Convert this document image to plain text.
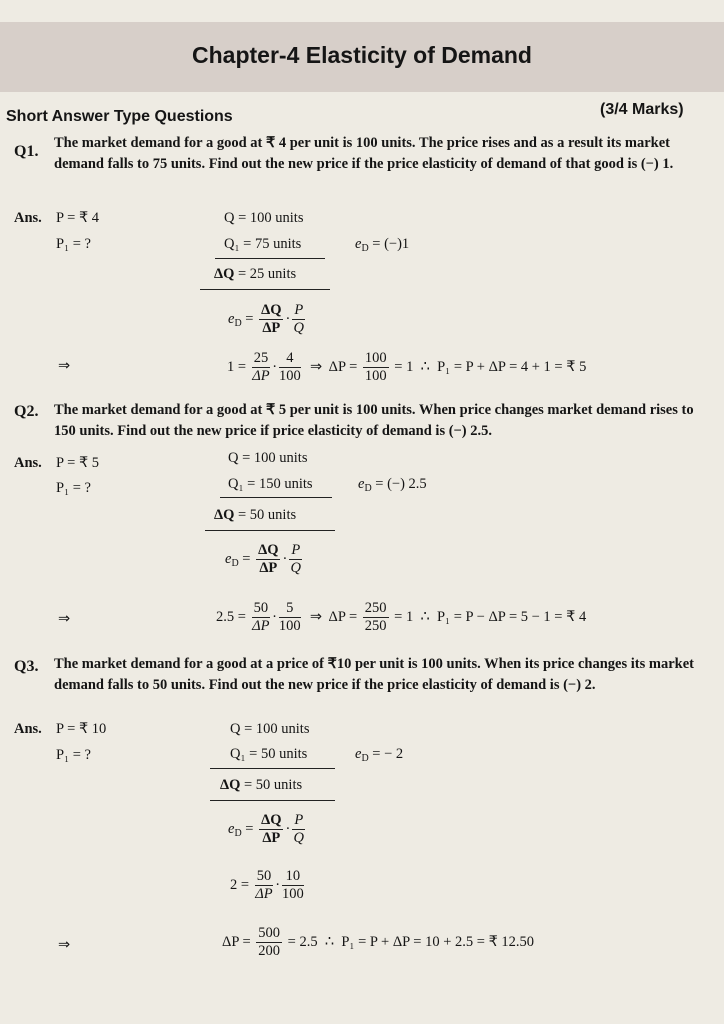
Chapter-4 Elasticity of Demand
Short Answer Type Questions	(3/4 Marks)
Q1. The market demand for a good at ₹ 4 per unit is 100 units. The price rises and as a result its market demand falls to 75 units. Find out the new price if the price elasticity of demand of that good is (−) 1.
Ans. P = ₹ 4
P₁ = ?
Q = 100 units
Q₁ = 75 units	$e_D = (-)1$
ΔQ = 25 units
$e_D = \frac{\Delta Q}{\Delta P} \cdot \frac{P}{Q}$
⇒	$1 = \frac{25}{\Delta P} \cdot \frac{4}{100}$ ⇒ $\Delta P = \frac{100}{100} = 1$ ∴ P₁ = P + ΔP = 4 + 1 = ₹ 5
Q2. The market demand for a good at ₹ 5 per unit is 100 units. When price changes market demand rises to 150 units. Find out the new price if price elasticity of demand is (−) 2.5.
Ans. P = ₹ 5
P₁ = ?
Q = 100 units
Q₁ = 150 units	$e_D$ = (−) 2.5
ΔQ = 50 units
$e_D = \frac{\Delta Q}{\Delta P} \cdot \frac{P}{Q}$
⇒	$2.5 = \frac{50}{\Delta P} \cdot \frac{5}{100}$ ⇒ $\Delta P = \frac{250}{250} = 1$ ∴ P₁ = P − ΔP = 5 − 1 = ₹ 4
Q3. The market demand for a good at a price of ₹10 per unit is 100 units. When its price changes its market demand falls to 50 units. Find out the new price if the price elasticity of demand is (−) 2.
Ans. P = ₹ 10
P₁ = ?
Q = 100 units
Q₁ = 50 units	$e_D$ = − 2
ΔQ = 50 units
$e_D = \frac{\Delta Q}{\Delta P} \cdot \frac{P}{Q}$
$2 = \frac{50}{\Delta P} \cdot \frac{10}{100}$
⇒	$\Delta P = \frac{500}{200} = 2.5$ ∴ P₁ = P + ΔP = 10 + 2.5 = ₹ 12.50
